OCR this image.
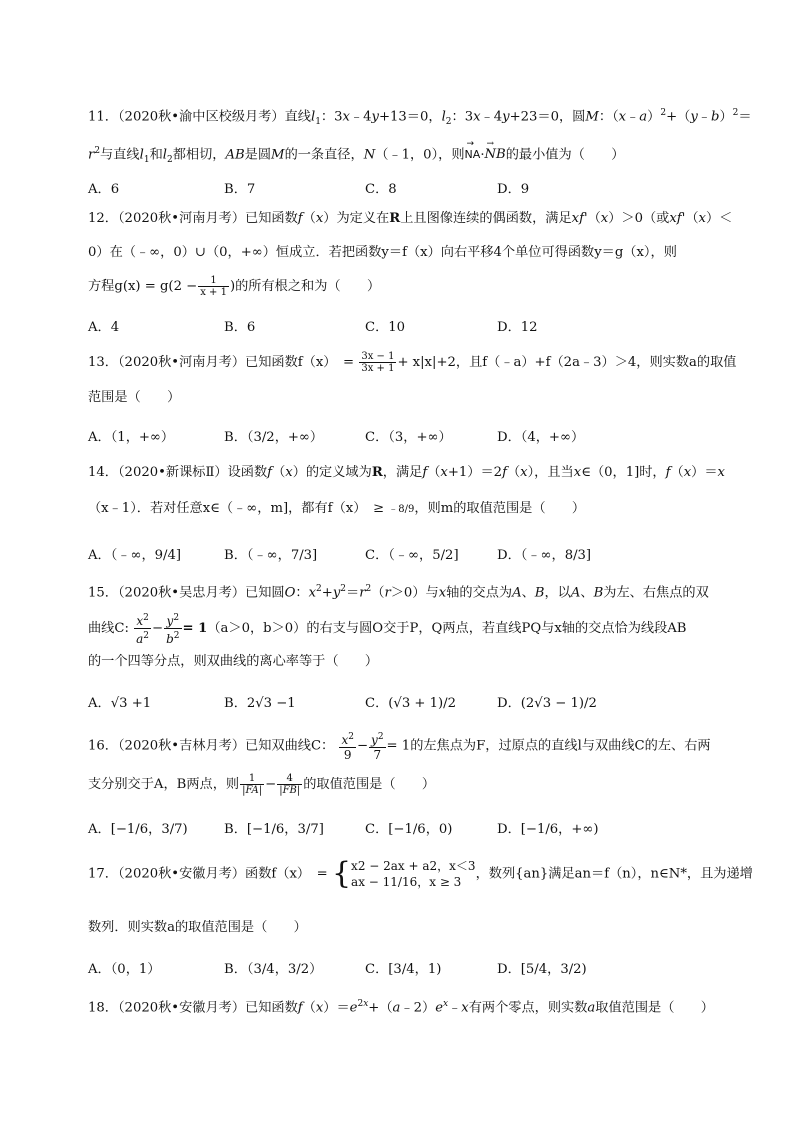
11．（2020秋•渝中区校级月考）直线$l_1$：3x﹣4y+13＝0，$l_2$：3x﹣4y+23＝0，圆M：（x﹣a）$^2$+（y﹣b）$^2$＝
$r^2$与直线$l_1$和$l_2$都相切，AB是圆M的一条直径，N（﹣1，0），则→ NA·→ NB的最小值为（　　）
A．6	B．7	C．8	D．9
12．（2020秋•河南月考）已知函数f（x）为定义在R上且图像连续的偶函数，满足xf'（x）＞0（或xf'（x）＜
0）在（﹣∞，0）∪（0，+∞）恒成立．若把函数y＝f（x）向右平移4个单位可得函数y＝g（x），则
方程$g(x) = g(2 - \frac{1}{x + 1}$ )的所有根之和为（　　）
A．4	B．6	C．10	D．12
13．（2020秋•河南月考）已知函数f（x）　= $\frac{3x - 1}{3x + 1} + x|x|+2$，且f（﹣a）+f（2a﹣3）＞4，则实数a的取值
范围是（　　）
A．（1，+∞）	B．（3/2，+∞）	C．（3，+∞）	D．（4，+∞）
14．（2020•新课标Ⅱ）设函数f（x）的定义域为R，满足f（x+1）＝2f（x），且当x∈（0，1]时，f（x）＝x
（x﹣1）．若对任意x∈（﹣∞，m]，都有f（x）　≥ ﹣8/9，则m的取值范围是（　　）
A．（﹣∞，9/4]	B．（﹣∞，7/3]	C．（﹣∞，5/2]	D．（﹣∞，8/3]
15．（2020秋•吴忠月考）已知圆O：$x^2+y^2=r^2(r>0)$与x轴的交点为A、B，以A、B为左、右焦点的双
曲线C: $\frac{x^2}{a^2} - \frac{y^2}{b^2} = 1(a>0$，b＞0）的右支与圆O交于P，Q两点，若直线PQ与x轴的交点恰为线段AB
的一个四等分点，则双曲线的离心率等于（　　）
A．√3 +1	B．2√3 −1	C．(√3 + 1)/2	D．(2√3 − 1)/2
16．（2020秋•吉林月考）已知双曲线C： $\frac{x^2}{9} - \frac{y^2}{7} = 1$的左焦点为F，过原点的直线l与双曲线C的左、右两
支分别交于A，B两点，则 $\frac{1}{|FA|} - \frac{4}{|FB|}$ 的取值范围是（　　）
A．[−1/6，3/7)	B．[−1/6，3/7]	C．[−1/6，0)	D．[−1/6，+∞)
17．（2020秋•安徽月考）函数f（x）　= { x2 − 2ax + a2，x＜3
ax − 11/16，x ≥ 3
，数列{an}满足an＝f（n），n∈N*，且为递增
数列．则实数a的取值范围是（　　）
A．（0，1）	B．（3/4，3/2）	C．[3/4，1)	D．[5/4，3/2)
18．（2020秋•安徽月考）已知函数$f(x)=e^{2x}+(a﹣2)e^x﹣x$有两个零点，则实数a取值范围是（　　）
